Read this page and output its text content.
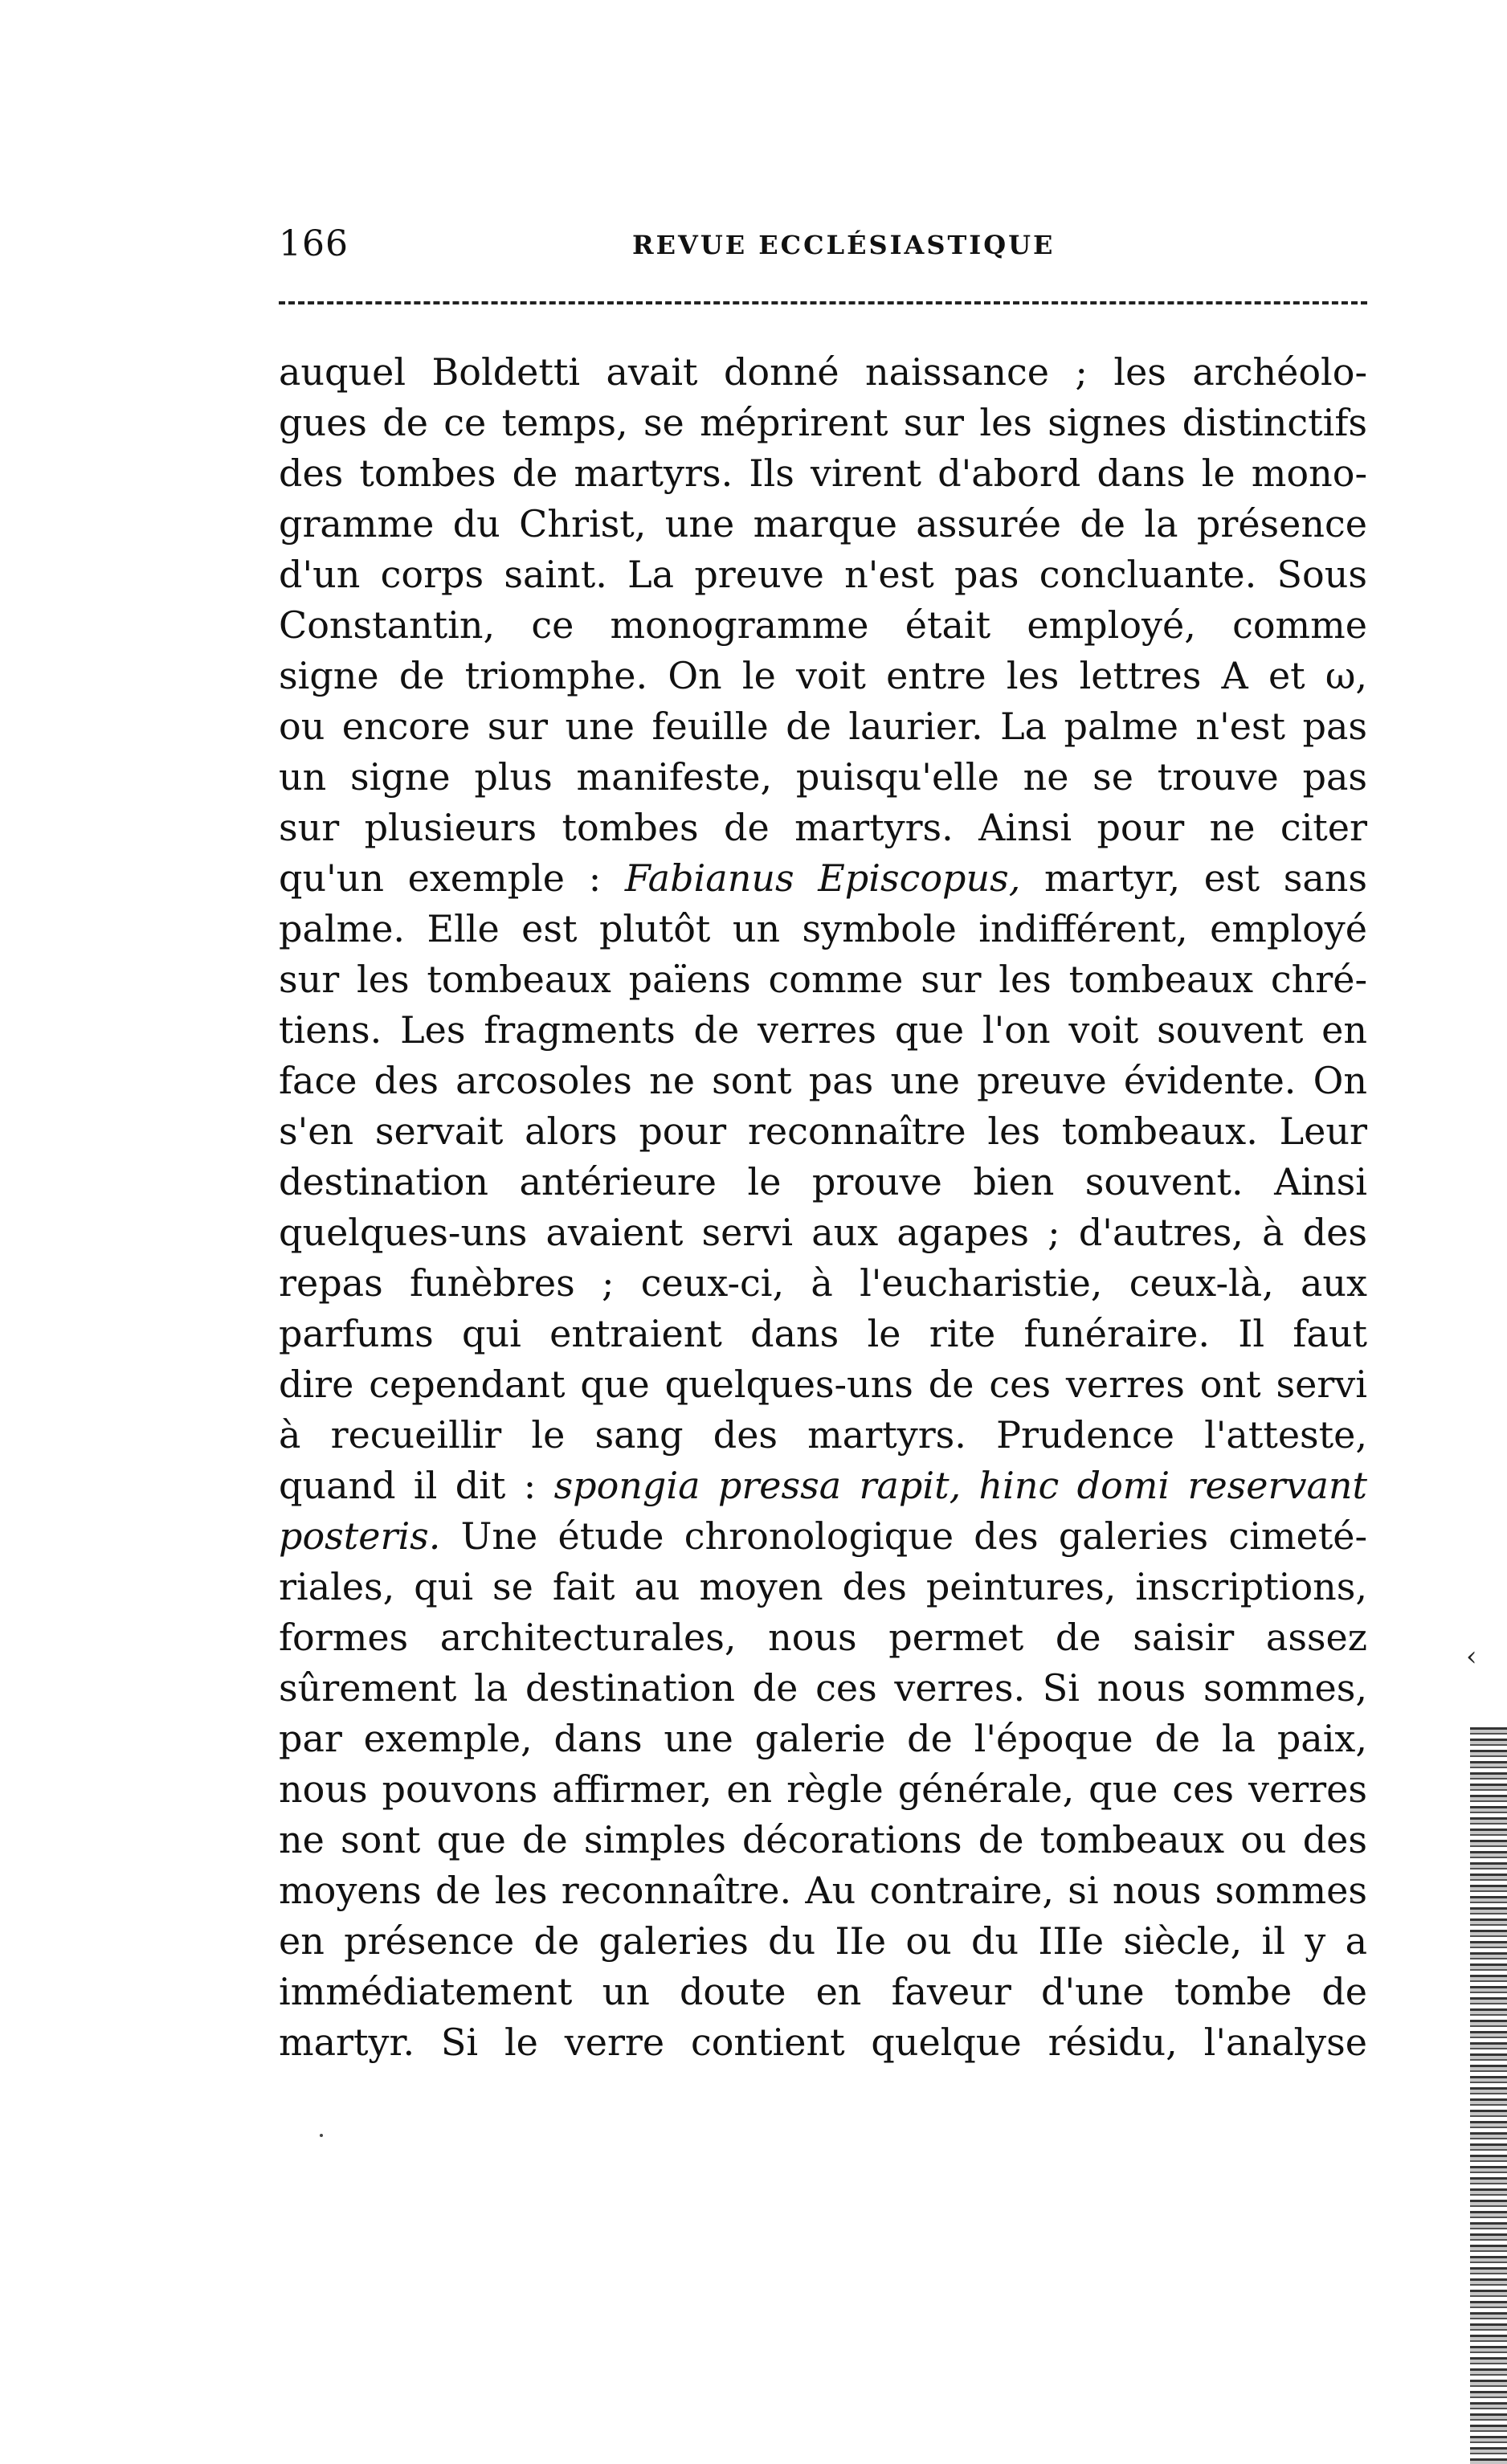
166	REVUE ECCLÉSIASTIQUE
auquel Boldetti avait donné naissance ; les archéolo-
gues de ce temps, se méprirent sur les signes distinctifs
des tombes de martyrs. Ils virent d'abord dans le mono-
gramme du Christ, une marque assurée de la présence
d'un corps saint. La preuve n'est pas concluante. Sous
Constantin, ce monogramme était employé, comme
signe de triomphe. On le voit entre les lettres A et ω,
ou encore sur une feuille de laurier. La palme n'est pas
un signe plus manifeste, puisqu'elle ne se trouve pas
sur plusieurs tombes de martyrs. Ainsi pour ne citer
qu'un exemple : Fabianus Episcopus, martyr, est sans
palme. Elle est plutôt un symbole indifférent, employé
sur les tombeaux païens comme sur les tombeaux chré-
tiens. Les fragments de verres que l'on voit souvent en
face des arcosoles ne sont pas une preuve évidente. On
s'en servait alors pour reconnaître les tombeaux. Leur
destination antérieure le prouve bien souvent. Ainsi
quelques-uns avaient servi aux agapes ; d'autres, à des
repas funèbres ; ceux-ci, à l'eucharistie, ceux-là, aux
parfums qui entraient dans le rite funéraire. Il faut
dire cependant que quelques-uns de ces verres ont servi
à recueillir le sang des martyrs. Prudence l'atteste,
quand il dit : spongia pressa rapit, hinc domi reservant
posteris. Une étude chronologique des galeries cimeté-
riales, qui se fait au moyen des peintures, inscriptions,
formes architecturales, nous permet de saisir assez
sûrement la destination de ces verres. Si nous sommes,
par exemple, dans une galerie de l'époque de la paix,
nous pouvons affirmer, en règle générale, que ces verres
ne sont que de simples décorations de tombeaux ou des
moyens de les reconnaître. Au contraire, si nous sommes
en présence de galeries du IIe ou du IIIe siècle, il y a
immédiatement un doute en faveur d'une tombe de
martyr. Si le verre contient quelque résidu, l'analyse
‹
